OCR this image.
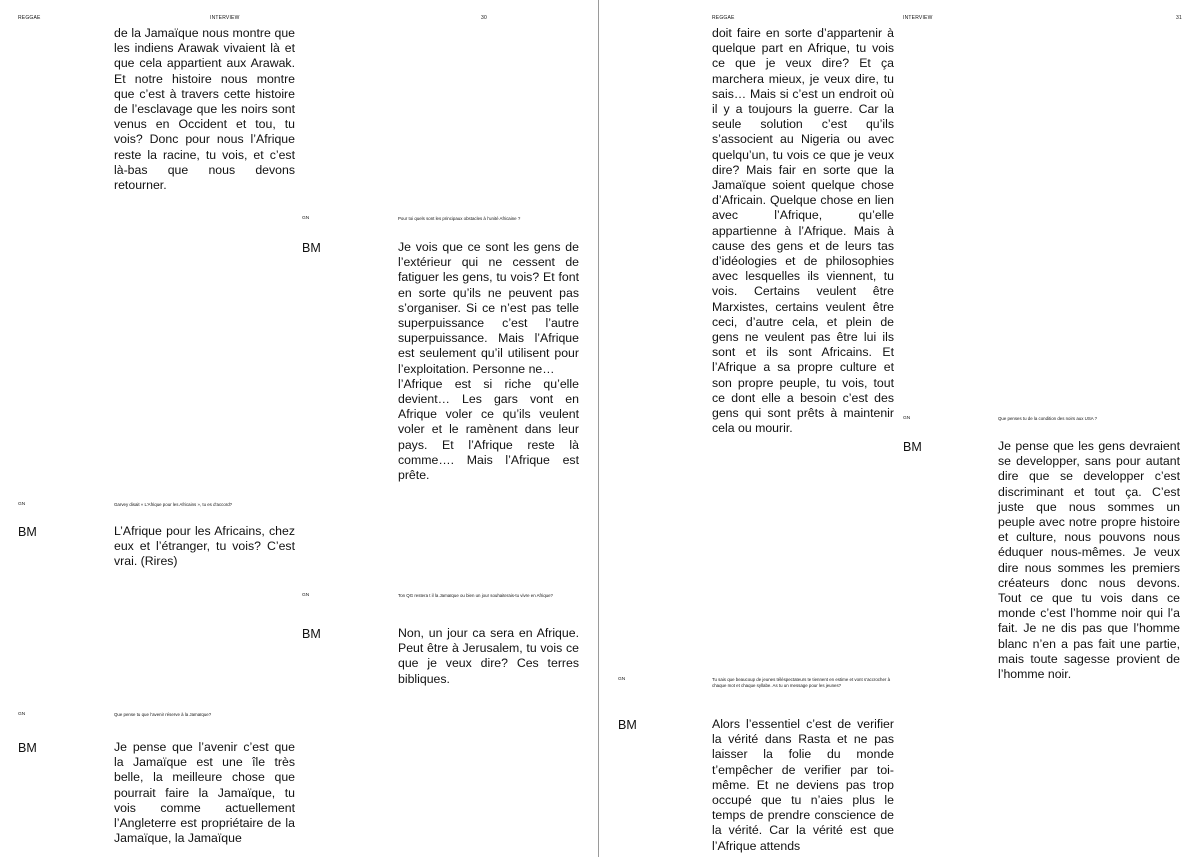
REGGAE	INTERVIEW	30

de la Jamaïque nous montre que les indiens Arawak vivaient là et que cela appartient aux Arawak. Et notre histoire nous montre que c’est à travers cette histoire de l’esclavage que les noirs sont venus en Occident et tou, tu vois? Donc pour nous l’Afrique reste la racine, tu vois, et c’est là-bas que nous devons retourner.

GN	Pour toi quels sont les principaux obstacles à l’unité Africaine ?

BM	Je vois que ce sont les gens de l’extérieur qui ne cessent de fatiguer les gens, tu vois? Et font en sorte qu’ils ne peuvent pas s’organiser. Si ce n’est pas telle superpuissance c’est l’autre superpuissance. Mais l’Afrique est seulement qu’il utilisent pour l’exploitation. Personne ne…
l’Afrique est si riche qu’elle devient… Les gars vont en Afrique voler ce qu’ils veulent voler et le ramènent dans leur pays. Et l’Afrique reste là comme…. Mais l’Afrique est prête.

GN	Garvey disait « L’Afrique pour les Africains », tu es d’accord?

BM	L’Afrique pour les Africains, chez eux et l’étranger, tu vois? C’est vrai. (Rires)

GN	Ton QG restera t il la Jamaïque ou bien un jour souhaiterais-tu vivre en Afrique?

BM	Non, un jour ca sera en Afrique. Peut être à Jerusalem, tu vois ce que je veux dire? Ces terres bibliques.

GN	Que pense tu que l’avenir réserve à la Jamaïque?

BM	Je pense que l’avenir c’est que la Jamaïque est une île très belle, la meilleure chose que pourrait faire la Jamaïque, tu vois comme actuellement l’Angleterre est propriétaire de la Jamaïque, la Jamaïque

REGGAE	INTERVIEW	31

doit faire en sorte d’appartenir à quelque part en Afrique, tu vois ce que je veux dire? Et ça marchera mieux, je veux dire, tu sais… Mais si c’est un endroit où il y a toujours la guerre. Car la seule solution c’est qu’ils s’associent au Nigeria ou avec quelqu’un, tu vois ce que je veux dire? Mais fair en sorte que la Jamaïque soient quelque chose d’Africain. Quelque chose en lien avec l’Afrique, qu’elle appartienne à l’Afrique. Mais à cause des gens et de leurs tas d’idéologies et de philosophies avec lesquelles ils viennent, tu vois. Certains veulent être Marxistes, certains veulent être ceci, d’autre cela, et plein de gens ne veulent pas être lui ils sont et ils sont Africains. Et l’Afrique a sa propre culture et son propre peuple, tu vois, tout ce dont elle a besoin c’est des gens qui sont prêts à maintenir cela ou mourir.

GN	Que penses tu de la condition des noirs aux USA ?

BM	Je pense que les gens devraient se developper, sans pour autant dire que se developper c’est discriminant et tout ça. C’est juste que nous sommes un peuple avec notre propre histoire et culture, nous pouvons nous éduquer nous-mêmes. Je veux dire nous sommes les premiers créateurs donc nous devons. Tout ce que tu vois dans ce monde c’est l’homme noir qui l’a fait. Je ne dis pas que l’homme blanc n’en a pas fait une partie, mais toute sagesse provient de l’homme noir.

GN	Tu sais que beaucoup de jeunes téléspectateurs te tiennent en estime et vont s’accrocher à chaque mot et chaque syllabe. As tu un message pour les jeunes?

BM	Alors l’essentiel c’est de verifier la vérité dans Rasta et ne pas laisser la folie du monde t’empêcher de verifier par toi-même. Et ne deviens pas trop occupé que tu n’aies plus le temps de prendre conscience de la vérité. Car la vérité est que l’Afrique attends
